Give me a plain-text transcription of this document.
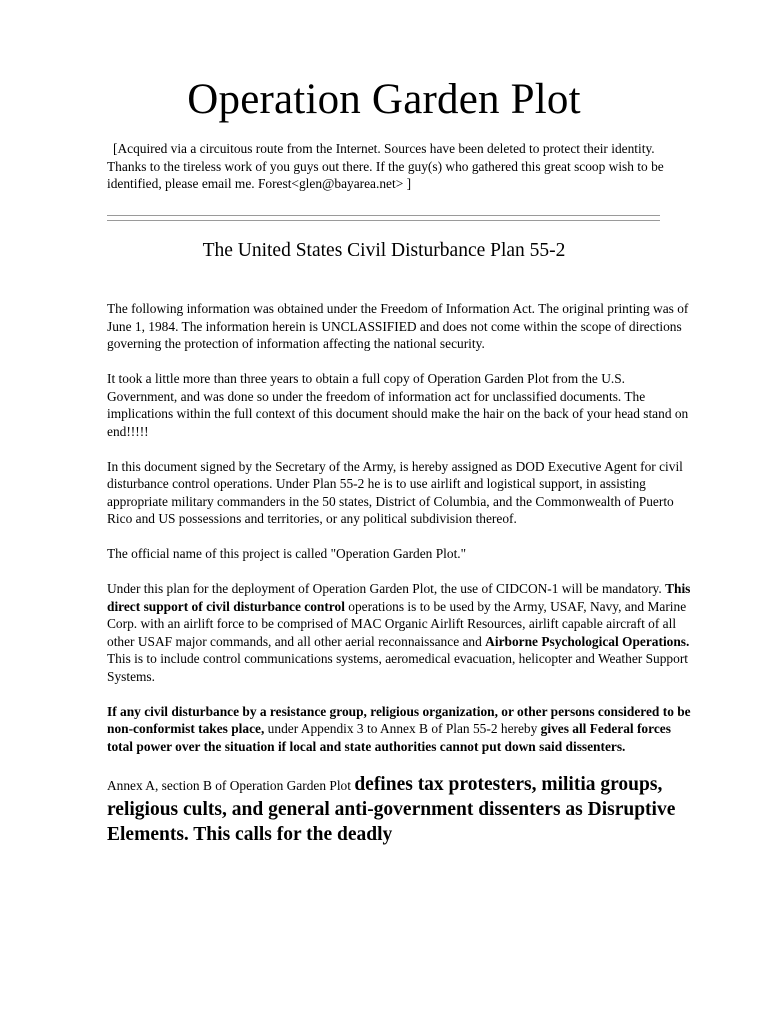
Operation Garden Plot

[Acquired via a circuitous route from the Internet. Sources have been deleted to protect their identity. Thanks to the tireless work of you guys out there. If the guy(s) who gathered this great scoop wish to be identified, please email me. Forest<glen@bayarea.net> ]

The United States Civil Disturbance Plan 55-2

The following information was obtained under the Freedom of Information Act. The original printing was of June 1, 1984. The information herein is UNCLASSIFIED and does not come within the scope of directions governing the protection of information affecting the national security.

It took a little more than three years to obtain a full copy of Operation Garden Plot from the U.S. Government, and was done so under the freedom of information act for unclassified documents. The implications within the full context of this document should make the hair on the back of your head stand on end!!!!!

In this document signed by the Secretary of the Army, is hereby assigned as DOD Executive Agent for civil disturbance control operations. Under Plan 55-2 he is to use airlift and logistical support, in assisting appropriate military commanders in the 50 states, District of Columbia, and the Commonwealth of Puerto Rico and US possessions and territories, or any political subdivision thereof.

The official name of this project is called "Operation Garden Plot."

Under this plan for the deployment of Operation Garden Plot, the use of CIDCON-1 will be mandatory. This direct support of civil disturbance control operations is to be used by the Army, USAF, Navy, and Marine Corp. with an airlift force to be comprised of MAC Organic Airlift Resources, airlift capable aircraft of all other USAF major commands, and all other aerial reconnaissance and Airborne Psychological Operations. This is to include control communications systems, aeromedical evacuation, helicopter and Weather Support Systems.

If any civil disturbance by a resistance group, religious organization, or other persons considered to be non-conformist takes place, under Appendix 3 to Annex B of Plan 55-2 hereby gives all Federal forces total power over the situation if local and state authorities cannot put down said dissenters.

Annex A, section B of Operation Garden Plot defines tax protesters, militia groups, religious cults, and general anti-government dissenters as Disruptive Elements. This calls for the deadly
